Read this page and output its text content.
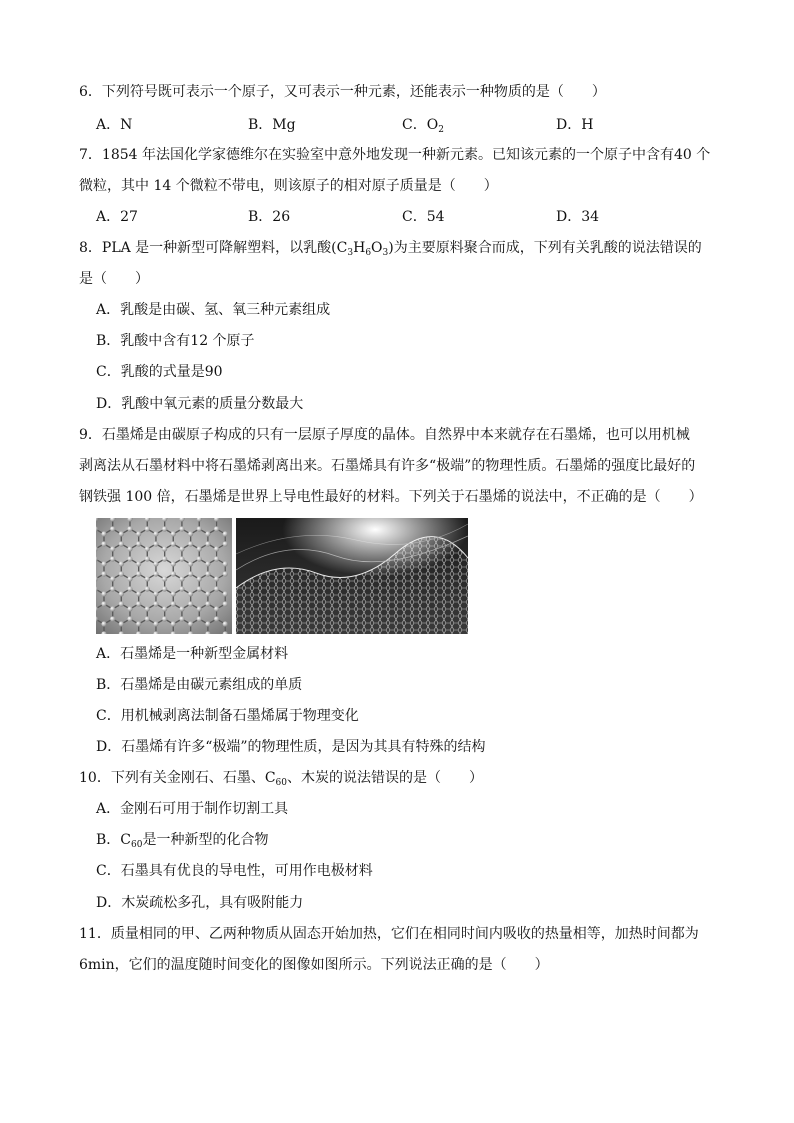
6．下列符号既可表示一个原子，又可表示一种元素，还能表示一种物质的是（　　）
A．N	B．Mg	C．$O_2$	D．H
7．1854 年法国化学家德维尔在实验室中意外地发现一种新元素。已知该元素的一个原子中含有40 个
微粒，其中 14 个微粒不带电，则该原子的相对原子质量是（　　）
A．27	B．26	C．54	D．34
8．PLA 是一种新型可降解塑料，以乳酸$(C_3H_6O_3)$为主要原料聚合而成，下列有关乳酸的说法错误的
是（　　）
A．乳酸是由碳、氢、氧三种元素组成
B．乳酸中含有12 个原子
C．乳酸的式量是90
D．乳酸中氧元素的质量分数最大
9．石墨烯是由碳原子构成的只有一层原子厚度的晶体。自然界中本来就存在石墨烯，也可以用机械
剥离法从石墨材料中将石墨烯剥离出来。石墨烯具有许多“极端”的物理性质。石墨烯的强度比最好的
钢铁强 100 倍，石墨烯是世界上导电性最好的材料。下列关于石墨烯的说法中，不正确的是（　　）
A．石墨烯是一种新型金属材料
B．石墨烯是由碳元素组成的单质
C．用机械剥离法制备石墨烯属于物理变化
D．石墨烯有许多“极端”的物理性质，是因为其具有特殊的结构
10．下列有关金刚石、石墨、$C_{60}$、木炭的说法错误的是（　　）
A．金刚石可用于制作切割工具
B．$C_{60}$是一种新型的化合物
C．石墨具有优良的导电性，可用作电极材料
D．木炭疏松多孔，具有吸附能力
11．质量相同的甲、乙两种物质从固态开始加热，它们在相同时间内吸收的热量相等，加热时间都为
6min，它们的温度随时间变化的图像如图所示。下列说法正确的是（　　）
